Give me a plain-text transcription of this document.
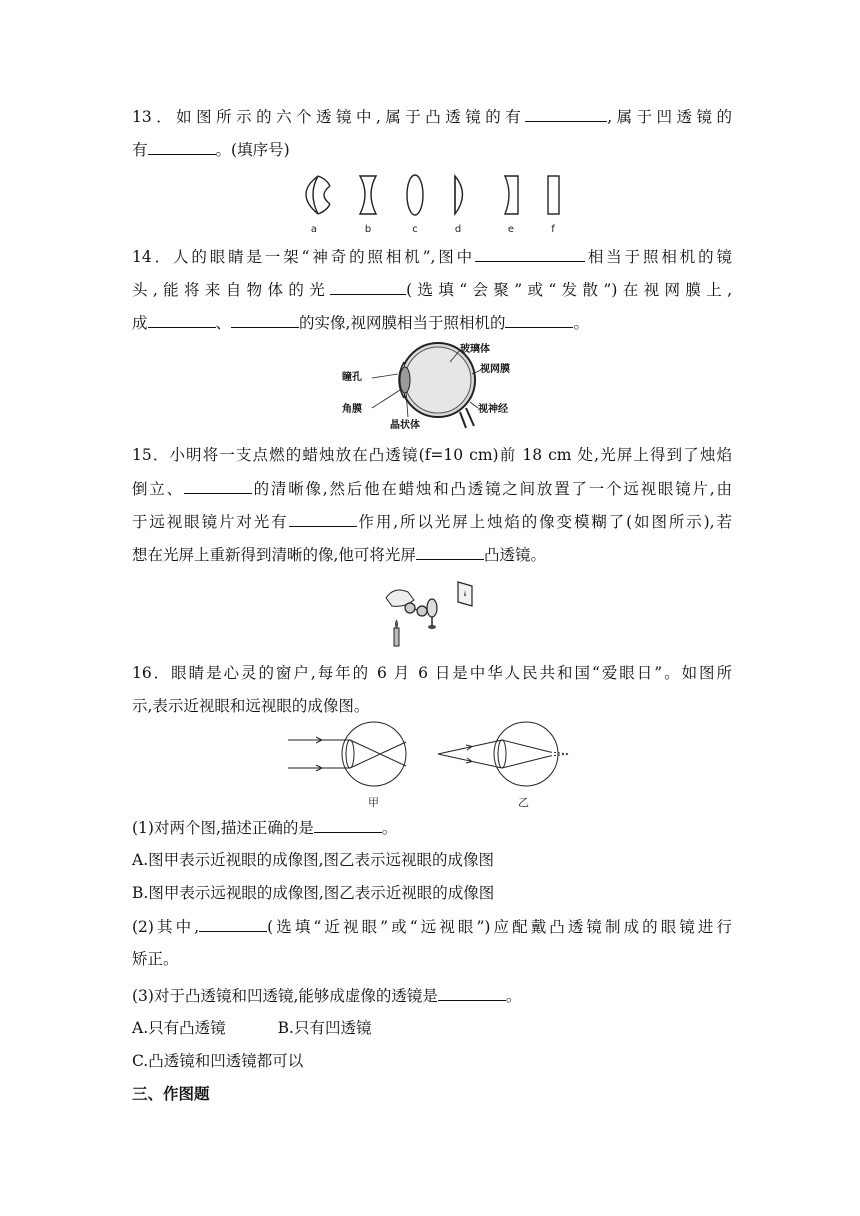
13．如图所示的六个透镜中,属于凸透镜的有	,属于凹透镜的
有	。(填序号)
a	b	c	d	e	f
14．人的眼睛是一架“神奇的照相机”,图中	相当于照相机的镜
头,能将来自物体的光	(选填“会聚”或“发散”)在视网膜上,
成	、	的实像,视网膜相当于照相机的	。
瞳孔
角膜
晶状体
玻璃体
视网膜
视神经
15．小明将一支点燃的蜡烛放在凸透镜(f=10 cm)前 18 cm 处,光屏上得到了烛焰
倒立、	的清晰像,然后他在蜡烛和凸透镜之间放置了一个远视眼镜片,由
于远视眼镜片对光有	作用,所以光屏上烛焰的像变模糊了(如图所示),若
想在光屏上重新得到清晰的像,他可将光屏	凸透镜。
16．眼睛是心灵的窗户,每年的 6 月 6 日是中华人民共和国“爱眼日”。如图所
示,表示近视眼和远视眼的成像图。
甲	乙
(1)对两个图,描述正确的是	。
A.图甲表示近视眼的成像图,图乙表示远视眼的成像图
B.图甲表示远视眼的成像图,图乙表示近视眼的成像图
(2)其中,	(选填“近视眼”或“远视眼”)应配戴凸透镜制成的眼镜进行
矫正。
(3)对于凸透镜和凹透镜,能够成虚像的透镜是	。
A.只有凸透镜	B.只有凹透镜
C.凸透镜和凹透镜都可以
三、作图题
